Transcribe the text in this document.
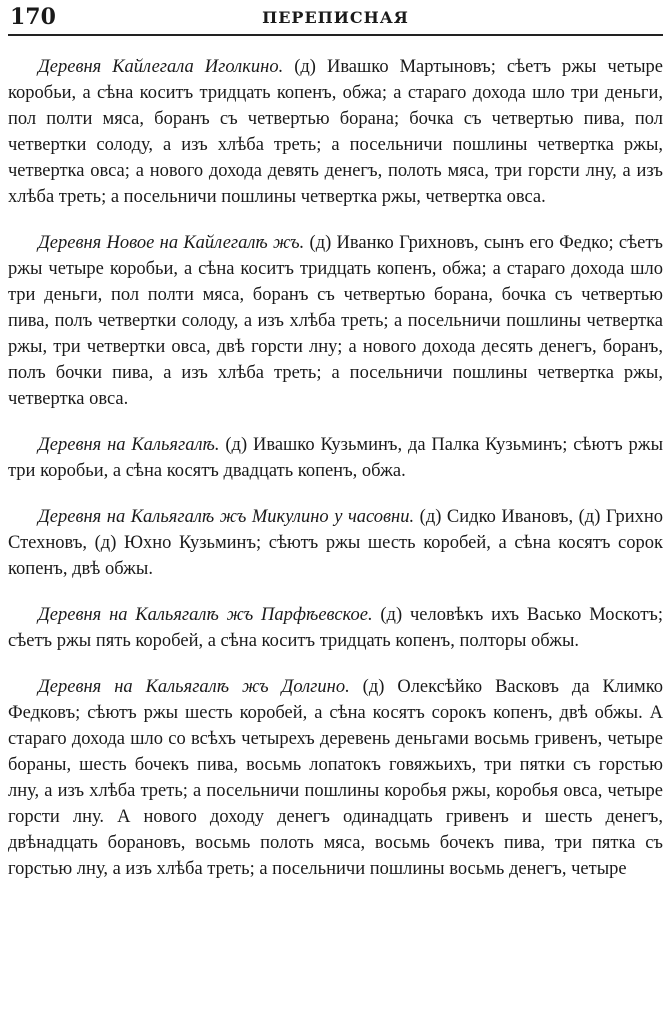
170	ПЕРЕПИСНАЯ

Деревня Кайлегала Иголкино. (д) Ивашко Мартыновъ; сѣетъ ржы четыре коробьи, а сѣна коситъ тридцать копенъ, обжа; а стараго дохода шло три деньги, пол полти мяса, боранъ съ четвертью борана; бочка съ четвертью пива, пол четвертки солоду, а изъ хлѣба треть; а посельничи пошлины четвертка ржы, четвертка овса; а нового дохода девять денегъ, полоть мяса, три горсти лну, а изъ хлѣба треть; а посельничи пошлины четвертка ржы, четвертка овса.

Деревня Новое на Кайлегалѣ жъ. (д) Иванко Грихновъ, сынъ его Федко; сѣетъ ржы четыре коробьи, а сѣна коситъ тридцать копенъ, обжа; а стараго дохода шло три деньги, пол полти мяса, боранъ съ четвертью борана, бочка съ четвертью пива, полъ четвертки солоду, а изъ хлѣба треть; а посельничи пошлины четвертка ржы, три четвертки овса, двѣ горсти лну; а нового дохода десять денегъ, боранъ, полъ бочки пива, а изъ хлѣба треть; а посельничи пошлины четвертка ржы, четвертка овса.

Деревня на Кальягалѣ. (д) Ивашко Кузьминъ, да Палка Кузьминъ; сѣютъ ржы три коробьи, а сѣна косятъ двадцать копенъ, обжа.

Деревня на Кальягалѣ жъ Микулино у часовни. (д) Сидко Ивановъ, (д) Грихно Стехновъ, (д) Юхно Кузьминъ; сѣютъ ржы шесть коробей, а сѣна косятъ сорок копенъ, двѣ обжы.

Деревня на Кальягалѣ жъ Парфѣевское. (д) человѣкъ ихъ Васько Москотъ; сѣетъ ржы пять коробей, а сѣна коситъ тридцать копенъ, полторы обжы.

Деревня на Кальягалѣ жъ Долгино. (д) Олексѣйко Васковъ да Климко Федковъ; сѣютъ ржы шесть коробей, а сѣна косятъ сорокъ копенъ, двѣ обжы. А стараго дохода шло со всѣхъ четырехъ деревень деньгами восьмь гривенъ, четыре бораны, шесть бочекъ пива, восьмь лопатокъ говяжьихъ, три пятки съ горстью лну, а изъ хлѣба треть; а посельничи пошлины коробья ржы, коробья овса, четыре горсти лну. А нового доходу денегъ одинадцать гривенъ и шесть денегъ, двѣнадцать борановъ, восьмь полоть мяса, восьмь бочекъ пива, три пятка съ горстью лну, а изъ хлѣба треть; а посельничи пошлины восьмь денегъ, четыре
